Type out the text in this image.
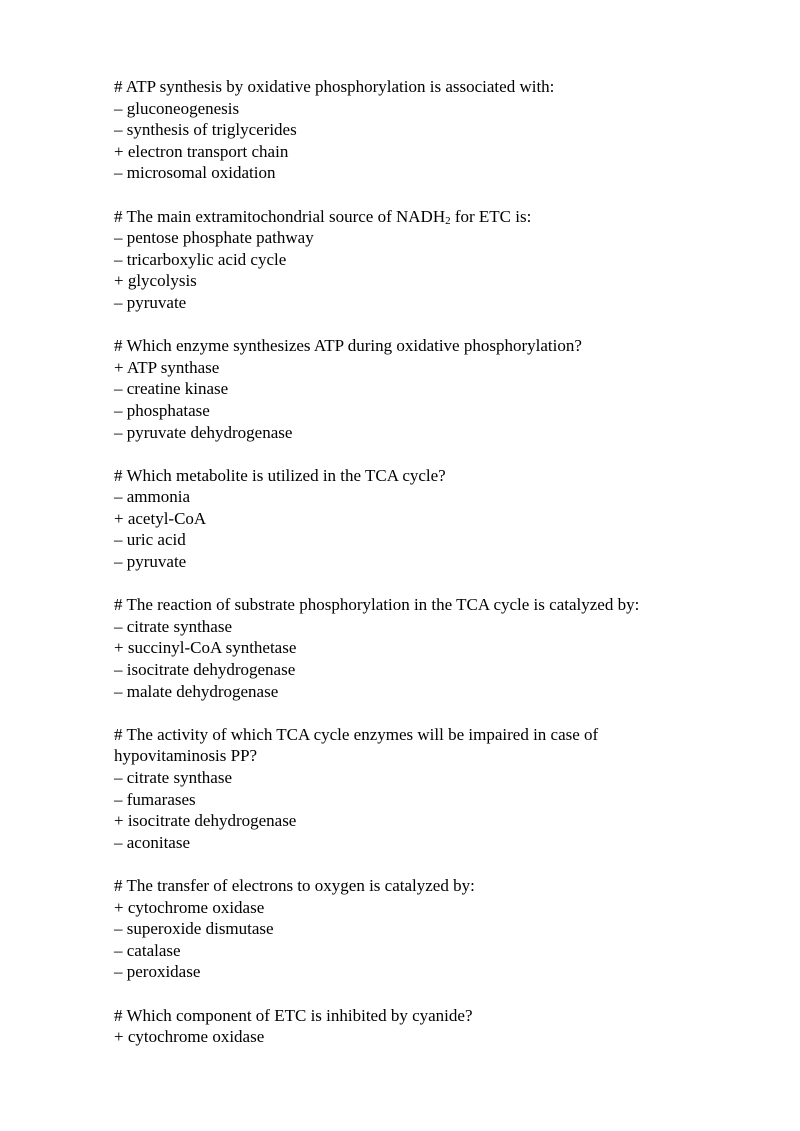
# ATP synthesis by oxidative phosphorylation is associated with:

– gluconeogenesis

– synthesis of triglycerides

+ electron transport chain

– microsomal oxidation

# The main extramitochondrial source of $NADH_2$ for ETC is:

– pentose phosphate pathway

– tricarboxylic acid cycle

+ glycolysis

– pyruvate

# Which enzyme synthesizes ATP during oxidative phosphorylation?

+ ATP synthase

– creatine kinase

– phosphatase

– pyruvate dehydrogenase

# Which metabolite is utilized in the TCA cycle?

– ammonia

+ acetyl-CoA

– uric acid

– pyruvate

# The reaction of substrate phosphorylation in the TCA cycle is catalyzed by:

– citrate synthase

+ succinyl-CoA synthetase

– isocitrate dehydrogenase

– malate dehydrogenase

# The activity of which TCA cycle enzymes will be impaired in case of hypovitaminosis PP?

– citrate synthase

– fumarases

+ isocitrate dehydrogenase

– aconitase

# The transfer of electrons to oxygen is catalyzed by:

+ cytochrome oxidase

– superoxide dismutase

– catalase

– peroxidase

# Which component of ETC is inhibited by cyanide?

+ cytochrome oxidase
